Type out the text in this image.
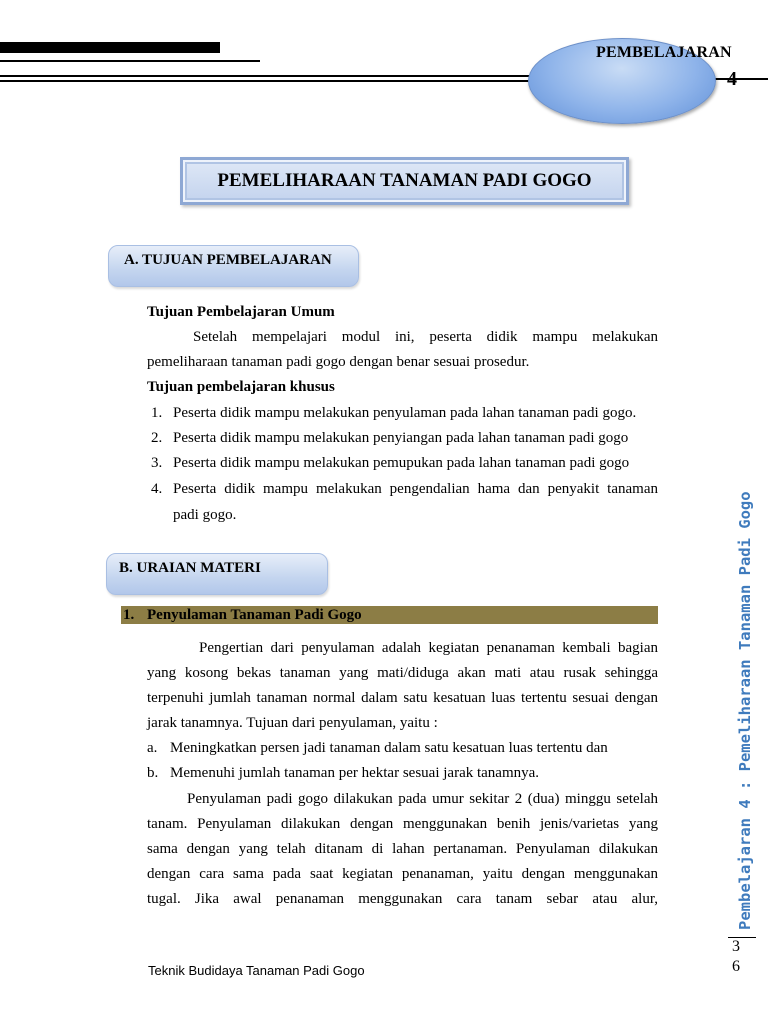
PEMBELAJARAN
4
PEMELIHARAAN TANAMAN PADI GOGO
A. TUJUAN PEMBELAJARAN
Tujuan Pembelajaran Umum
Setelah mempelajari modul ini, peserta didik mampu melakukan
pemeliharaan tanaman padi gogo dengan benar sesuai prosedur.
Tujuan pembelajaran khusus
1. Peserta didik mampu melakukan penyulaman pada lahan tanaman padi gogo.
2. Peserta didik mampu melakukan penyiangan pada lahan tanaman padi gogo
3. Peserta didik mampu melakukan pemupukan pada lahan tanaman padi gogo
4. Peserta didik mampu melakukan pengendalian hama dan penyakit tanaman
padi gogo.
B. URAIAN MATERI
1. Penyulaman Tanaman Padi Gogo
Pengertian dari penyulaman adalah kegiatan penanaman kembali bagian
yang kosong bekas tanaman yang mati/diduga akan mati atau rusak sehingga
terpenuhi jumlah tanaman normal dalam satu kesatuan luas tertentu sesuai dengan
jarak tanamnya. Tujuan dari penyulaman, yaitu :
a. Meningkatkan persen jadi tanaman dalam satu kesatuan luas tertentu dan
b. Memenuhi jumlah tanaman per hektar sesuai jarak tanamnya.
Penyulaman padi gogo dilakukan pada umur sekitar 2 (dua) minggu setelah
tanam. Penyulaman dilakukan dengan menggunakan benih jenis/varietas yang
sama dengan yang telah ditanam di lahan pertanaman. Penyulaman dilakukan
dengan cara sama pada saat kegiatan penanaman, yaitu dengan menggunakan
tugal. Jika awal penanaman menggunakan cara tanam sebar atau alur,	Pembelajaran 4 : Pemeliharaan Tanaman Padi Gogo
3
6
Teknik Budidaya Tanaman Padi Gogo
